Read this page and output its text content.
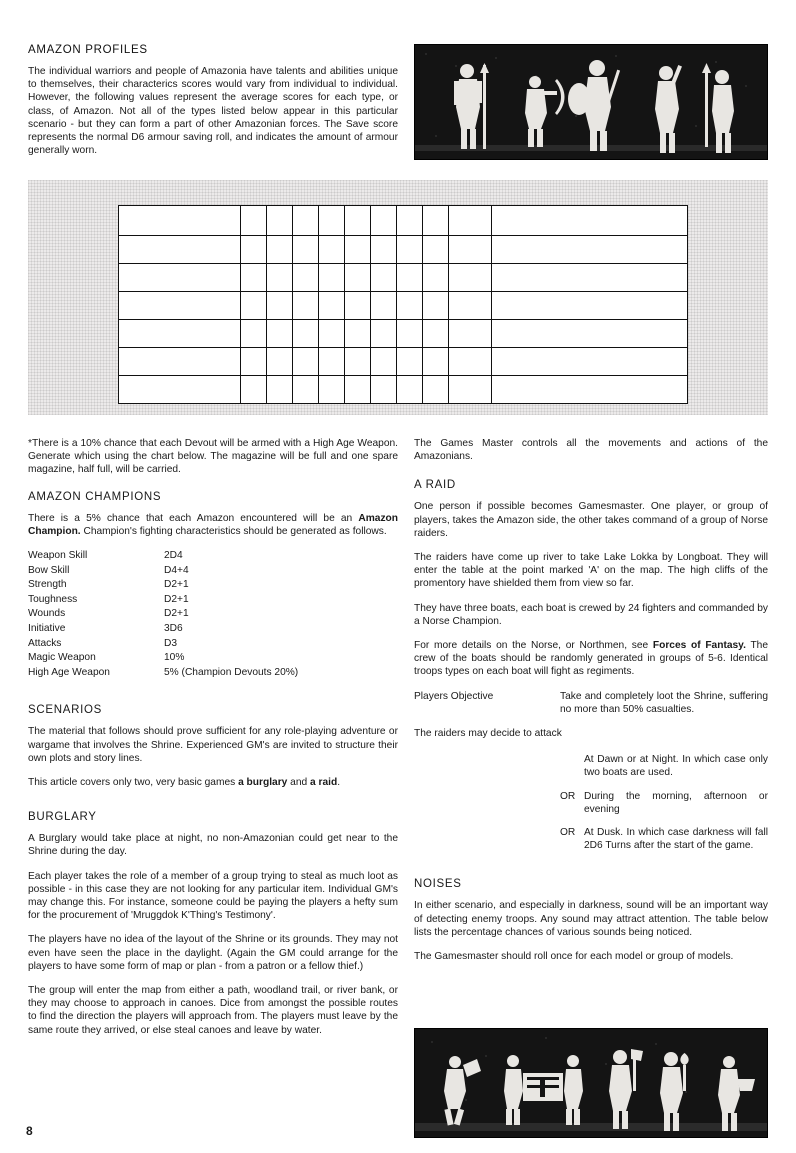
AMAZON PROFILES

The individual warriors and people of Amazonia have talents and abilities unique to themselves, their characterics scores would vary from individual to individual. However, the following values represent the average scores for each type, or class, of Amazon. Not all of the types listed below appear in this particular scenario - but they can form a part of other Amazonian forces. The Save score represents the normal D6 armour saving roll, and indicates the amount of armour generally worn.

*There is a 10% chance that each Devout will be armed with a High Age Weapon. Generate which using the chart below. The magazine will be full and one spare magazine, half full, will be carried.

AMAZON CHAMPIONS

There is a 5% chance that each Amazon encountered will be an Amazon Champion. Champion's fighting characteristics should be generated as follows.

Weapon Skill	2D4
Bow Skill	D4+4
Strength	D2+1
Toughness	D2+1
Wounds	D2+1
Initiative	3D6
Attacks	D3
Magic Weapon	10%
High Age Weapon	5% (Champion Devouts 20%)
SCENARIOS

The material that follows should prove sufficient for any role-playing adventure or wargame that involves the Shrine. Experienced GM's are invited to structure their own plots and story lines.

This article covers only two, very basic games a burglary and a raid.

BURGLARY

A Burglary would take place at night, no non-Amazonian could get near to the Shrine during the day.

Each player takes the role of a member of a group trying to steal as much loot as possible - in this case they are not looking for any particular item. Individual GM's may change this. For instance, someone could be paying the players a hefty sum for the procurement of 'Mruggdok K'Thing's Testimony'.

The players have no idea of the layout of the Shrine or its grounds. They may not even have seen the place in the daylight. (Again the GM could arrange for the players to have some form of map or plan - from a patron or a fellow thief.)

The group will enter the map from either a path, woodland trail, or river bank, or they may choose to approach in canoes. Dice from amongst the possible routes to find the direction the players will approach from. The players must leave by the same route they arrived, or else steal canoes and leave by water.

The Games Master controls all the movements and actions of the Amazonians.

A RAID

One person if possible becomes Gamesmaster. One player, or group of players, takes the Amazon side, the other takes command of a group of Norse raiders.

The raiders have come up river to take Lake Lokka by Longboat. They will enter the table at the point marked 'A' on the map. The high cliffs of the promentory have shielded them from view so far.

They have three boats, each boat is crewed by 24 fighters and commanded by a Norse Champion.

For more details on the Norse, or Northmen, see Forces of Fantasy. The crew of the boats should be randomly generated in groups of 5-6. Identical troops types on each boat will fight as regiments.

Players Objective	Take and completely loot the Shrine, suffering no more than 50% casualties.

The raiders may decide to attack

At Dawn or at Night. In which case only two boats are used.
OR During the morning, afternoon or evening
OR At Dusk. In which case darkness will fall 2D6 Turns after the start of the game.
NOISES

In either scenario, and especially in darkness, sound will be an important way of detecting enemy troops. Any sound may attract attention. The table below lists the percentage chances of various sounds being noticed.

The Gamesmaster should roll once for each model or group of models.

8
